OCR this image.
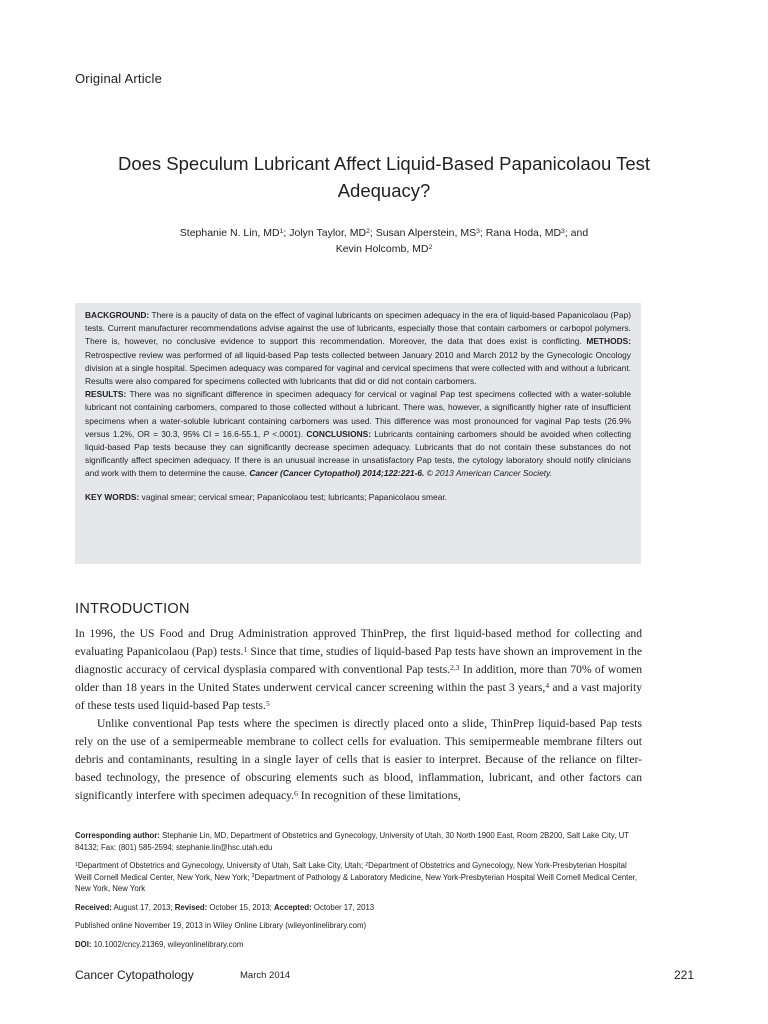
Original Article
Does Speculum Lubricant Affect Liquid-Based Papanicolaou Test Adequacy?
Stephanie N. Lin, $MD^1$; Jolyn Taylor, $MD^2$; Susan Alperstein, $MS^3$; Rana Hoda, $MD^3$; and
Kevin Holcomb, $MD^2$

BACKGROUND: There is a paucity of data on the effect of vaginal lubricants on specimen adequacy in the era of liquid-based Papanicolaou (Pap) tests. Current manufacturer recommendations advise against the use of lubricants, especially those that contain carbomers or carbopol polymers. There is, however, no conclusive evidence to support this recommendation. Moreover, the data that does exist is conflicting. METHODS: Retrospective review was performed of all liquid-based Pap tests collected between January 2010 and March 2012 by the Gynecologic Oncology division at a single hospital. Specimen adequacy was compared for vaginal and cervical specimens that were collected with and without a lubricant. Results were also compared for specimens collected with lubricants that did or did not contain carbomers.
RESULTS: There was no significant difference in specimen adequacy for cervical or vaginal Pap test specimens collected with a water-soluble lubricant not containing carbomers, compared to those collected without a lubricant. There was, however, a significantly higher rate of insufficient specimens when a water-soluble lubricant containing carbomers was used. This difference was most pronounced for vaginal Pap tests (26.9% versus 1.2%, OR = 30.3, 95% CI = 16.6-55.1, P <.0001). CONCLUSIONS: Lubricants containing carbomers should be avoided when collecting liquid-based Pap tests because they can significantly decrease specimen adequacy. Lubricants that do not contain these substances do not significantly affect specimen adequacy. If there is an unusual increase in unsatisfactory Pap tests, the cytology laboratory should notify clinicians and work with them to determine the cause. Cancer (Cancer Cytopathol) 2014;122:221-6. © 2013 American Cancer Society.

KEY WORDS: vaginal smear; cervical smear; Papanicolaou test; lubricants; Papanicolaou smear.

INTRODUCTION

In 1996, the US Food and Drug Administration approved ThinPrep, the first liquid-based method for collecting and evaluating Papanicolaou (Pap) tests.$^1$ Since that time, studies of liquid-based Pap tests have shown an improvement in the diagnostic accuracy of cervical dysplasia compared with conventional Pap tests.$^{2,3}$ In addition, more than 70% of women older than 18 years in the United States underwent cervical cancer screening within the past 3 years,$^4$ and a vast majority of these tests used liquid-based Pap tests.$^5$

Unlike conventional Pap tests where the specimen is directly placed onto a slide, ThinPrep liquid-based Pap tests rely on the use of a semipermeable membrane to collect cells for evaluation. This semipermeable membrane filters out debris and contaminants, resulting in a single layer of cells that is easier to interpret. Because of the reliance on filter-based technology, the presence of obscuring elements such as blood, inflammation, lubricant, and other factors can significantly interfere with specimen adequacy.$^6$ In recognition of these limitations,

Corresponding author: Stephanie Lin, MD, Department of Obstetrics and Gynecology, University of Utah, 30 North 1900 East, Room 2B200, Salt Lake City, UT 84132; Fax: (801) 585-2594; stephanie.lin@hsc.utah.edu

$^1$Department of Obstetrics and Gynecology, University of Utah, Salt Lake City, Utah; $^2$Department of Obstetrics and Gynecology, New York-Presbyterian Hospital Weill Cornell Medical Center, New York, New York; $^3$Department of Pathology & Laboratory Medicine, New York-Presbyterian Hospital Weill Cornell Medical Center, New York, New York

Received: August 17, 2013; Revised: October 15, 2013; Accepted: October 17, 2013

Published online November 19, 2013 in Wiley Online Library (wileyonlinelibrary.com)

DOI: 10.1002/cncy.21369, wileyonlinelibrary.com

Cancer Cytopathology	March 2014	221
